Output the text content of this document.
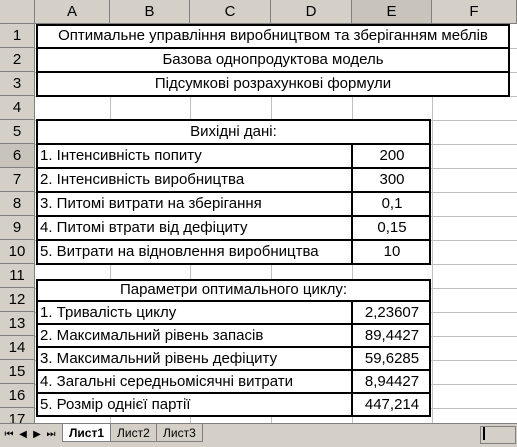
A	B	C	D	E	F
1
2
3
4
5
6
7
8
9
10
11
12
13
14
15
16
17
Оптимальне управління виробництвом та зберіганням меблів
Базова однопродуктова модель
Підсумкові розрахункові формули
Вихідні дані:
1. Інтенсивність попиту	200
2. Інтенсивність виробництва	300
3. Питомі витрати на зберігання	0,1
4. Питомі втрати від дефіциту	0,15
5. Витрати на відновлення виробництва	10
Параметри оптимального циклу:
1. Тривалість циклу	2,23607
2. Максимальний рівень запасів	89,4427
3. Максимальний рівень дефіциту	59,6285
4. Загальні середньомісячні витрати	8,94427
5. Розмір однієї партії	447,214
⏮ ◀ ▶ ⏭	Лист1	Лист2	Лист3
